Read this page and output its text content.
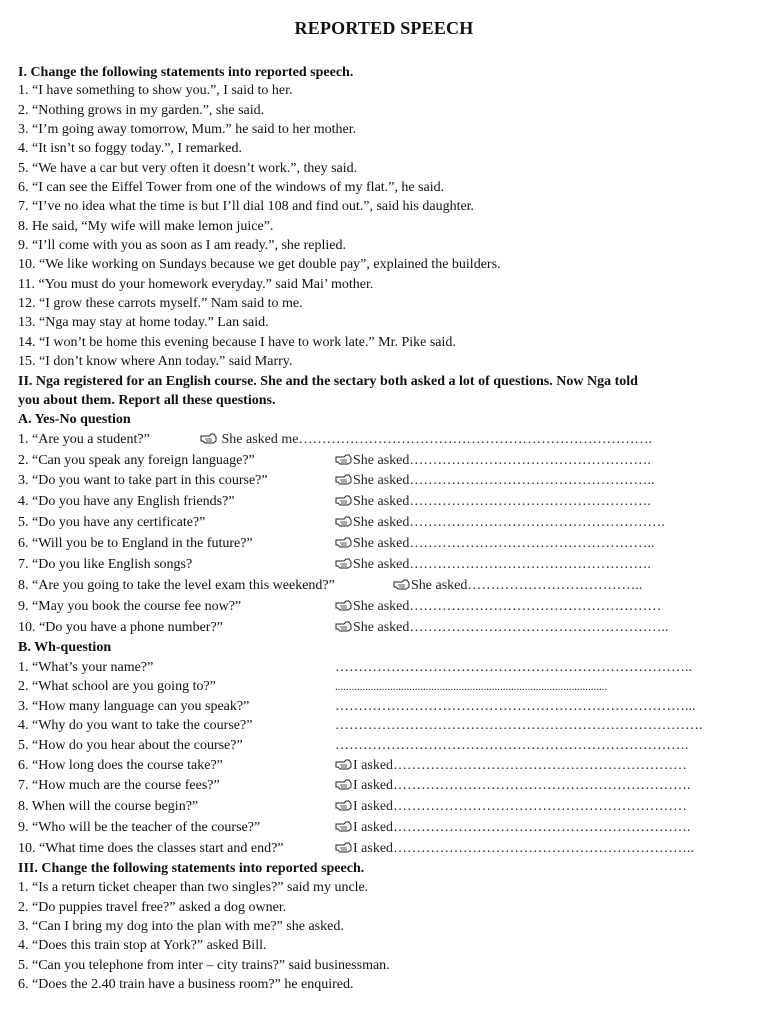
REPORTED SPEECH
I. Change the following statements into reported speech.
1. “I have something to show you.”, I said to her.
2. “Nothing grows in my garden.”, she said.
3. “I’m going away tomorrow, Mum.” he said to her mother.
4. “It isn’t so foggy today.”, I remarked.
5. “We have a car but very often it doesn’t work.”, they said.
6. “I can see the Eiffel Tower from one of the windows of my flat.”, he said.
7. “I’ve no idea what the time is but I’ll dial 108 and find out.”, said his daughter.
8. He said, “My wife will make lemon juice”.
9. “I’ll come with you as soon as I am ready.”, she replied.
10. “We like working on Sundays because we get double pay”, explained the builders.
11. “You must do your homework everyday.” said Mai’ mother.
12. “I grow these carrots myself.” Nam said to me.
13. “Nga may stay at home today.” Lan said.
14. “I won’t be home this evening because I have to work late.” Mr. Pike said.
15. “I don’t know where Ann today.” said Marry.
II. Nga registered for an English course. She and the sectary both asked a lot of questions. Now Nga told
you about them. Report all these questions.
A. Yes-No question
1. “Are you a student?”	She asked me………………………………………………………………….
2. “Can you speak any foreign language?”	She asked…………………………………………….
3. “Do you want to take part in this course?”	She asked……………………………………………..
4. “Do you have any English friends?”	She asked…………………………………………….
5. “Do you have any certificate?”	She asked……………………………………………….
6. “Will you be to England in the future?”	She asked……………………………………………..
7. “Do you like English songs?	She asked…………………………………………….
8. “Are you going to take the level exam this weekend?”	She asked………………………………..
9. “May you book the course fee now?”	She asked………………………………………………
10. “Do you have a phone number?”	She asked………………………………………………..
B. Wh-question
1. “What’s your name?”	…………………………………………………………………..
2. “What school are you going to?”	...................................................................................................
3. “How many language can you speak?”	…………………………………………………………………...
4. “Why do you want to take the course?”	…………………………………………………………………….
5. “How do you hear about the course?”	………………………………………………………………….
6. “How long does the course take?”	I asked………………………………………………………
7. “How much are the course fees?”	I asked……………………………………………………….
8. When will the course begin?”	I asked………………………………………………………
9. “Who will be the teacher of the course?”	I asked……………………………………………………….
10. “What time does the classes start and end?”	I asked………………………………………………………..
III. Change the following statements into reported speech.
1. “Is a return ticket cheaper than two singles?” said my uncle.
2. “Do puppies travel free?” asked a dog owner.
3. “Can I bring my dog into the plan with me?” she asked.
4. “Does this train stop at York?” asked Bill.
5. “Can you telephone from inter – city trains?” said businessman.
6. “Does the 2.40 train have a business room?” he enquired.
